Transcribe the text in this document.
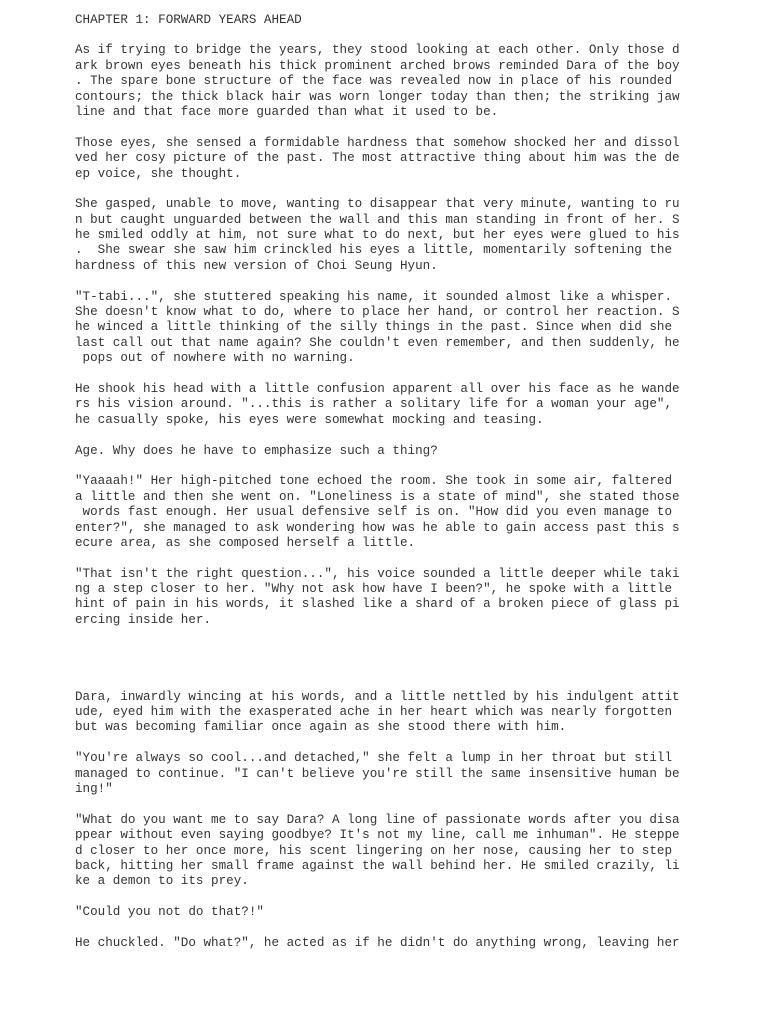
CHAPTER 1: FORWARD YEARS AHEAD
As if trying to bridge the years, they stood looking at each other. Only those d
ark brown eyes beneath his thick prominent arched brows reminded Dara of the boy
. The spare bone structure of the face was revealed now in place of his rounded
contours; the thick black hair was worn longer today than then; the striking jaw
line and that face more guarded than what it used to be.
Those eyes, she sensed a formidable hardness that somehow shocked her and dissol
ved her cosy picture of the past. The most attractive thing about him was the de
ep voice, she thought.
She gasped, unable to move, wanting to disappear that very minute, wanting to ru
n but caught unguarded between the wall and this man standing in front of her. S
he smiled oddly at him, not sure what to do next, but her eyes were glued to his
.  She swear she saw him crinckled his eyes a little, momentarily softening the
hardness of this new version of Choi Seung Hyun.
"T-tabi...", she stuttered speaking his name, it sounded almost like a whisper.
She doesn't know what to do, where to place her hand, or control her reaction. S
he winced a little thinking of the silly things in the past. Since when did she
last call out that name again? She couldn't even remember, and then suddenly, he
pops out of nowhere with no warning.
He shook his head with a little confusion apparent all over his face as he wande
rs his vision around. "...this is rather a solitary life for a woman your age",
he casually spoke, his eyes were somewhat mocking and teasing.
Age. Why does he have to emphasize such a thing?
"Yaaaah!" Her high-pitched tone echoed the room. She took in some air, faltered
a little and then she went on. "Loneliness is a state of mind", she stated those
words fast enough. Her usual defensive self is on. "How did you even manage to
enter?", she managed to ask wondering how was he able to gain access past this s
ecure area, as she composed herself a little.
"That isn't the right question...", his voice sounded a little deeper while taki
ng a step closer to her. "Why not ask how have I been?", he spoke with a little
hint of pain in his words, it slashed like a shard of a broken piece of glass pi
ercing inside her.
Dara, inwardly wincing at his words, and a little nettled by his indulgent attit
ude, eyed him with the exasperated ache in her heart which was nearly forgotten
but was becoming familiar once again as she stood there with him.
"You're always so cool...and detached," she felt a lump in her throat but still
managed to continue. "I can't believe you're still the same insensitive human be
ing!"
"What do you want me to say Dara? A long line of passionate words after you disa
ppear without even saying goodbye? It's not my line, call me inhuman". He steppe
d closer to her once more, his scent lingering on her nose, causing her to step
back, hitting her small frame against the wall behind her. He smiled crazily, li
ke a demon to its prey.
"Could you not do that?!"
He chuckled. "Do what?", he acted as if he didn't do anything wrong, leaving her
